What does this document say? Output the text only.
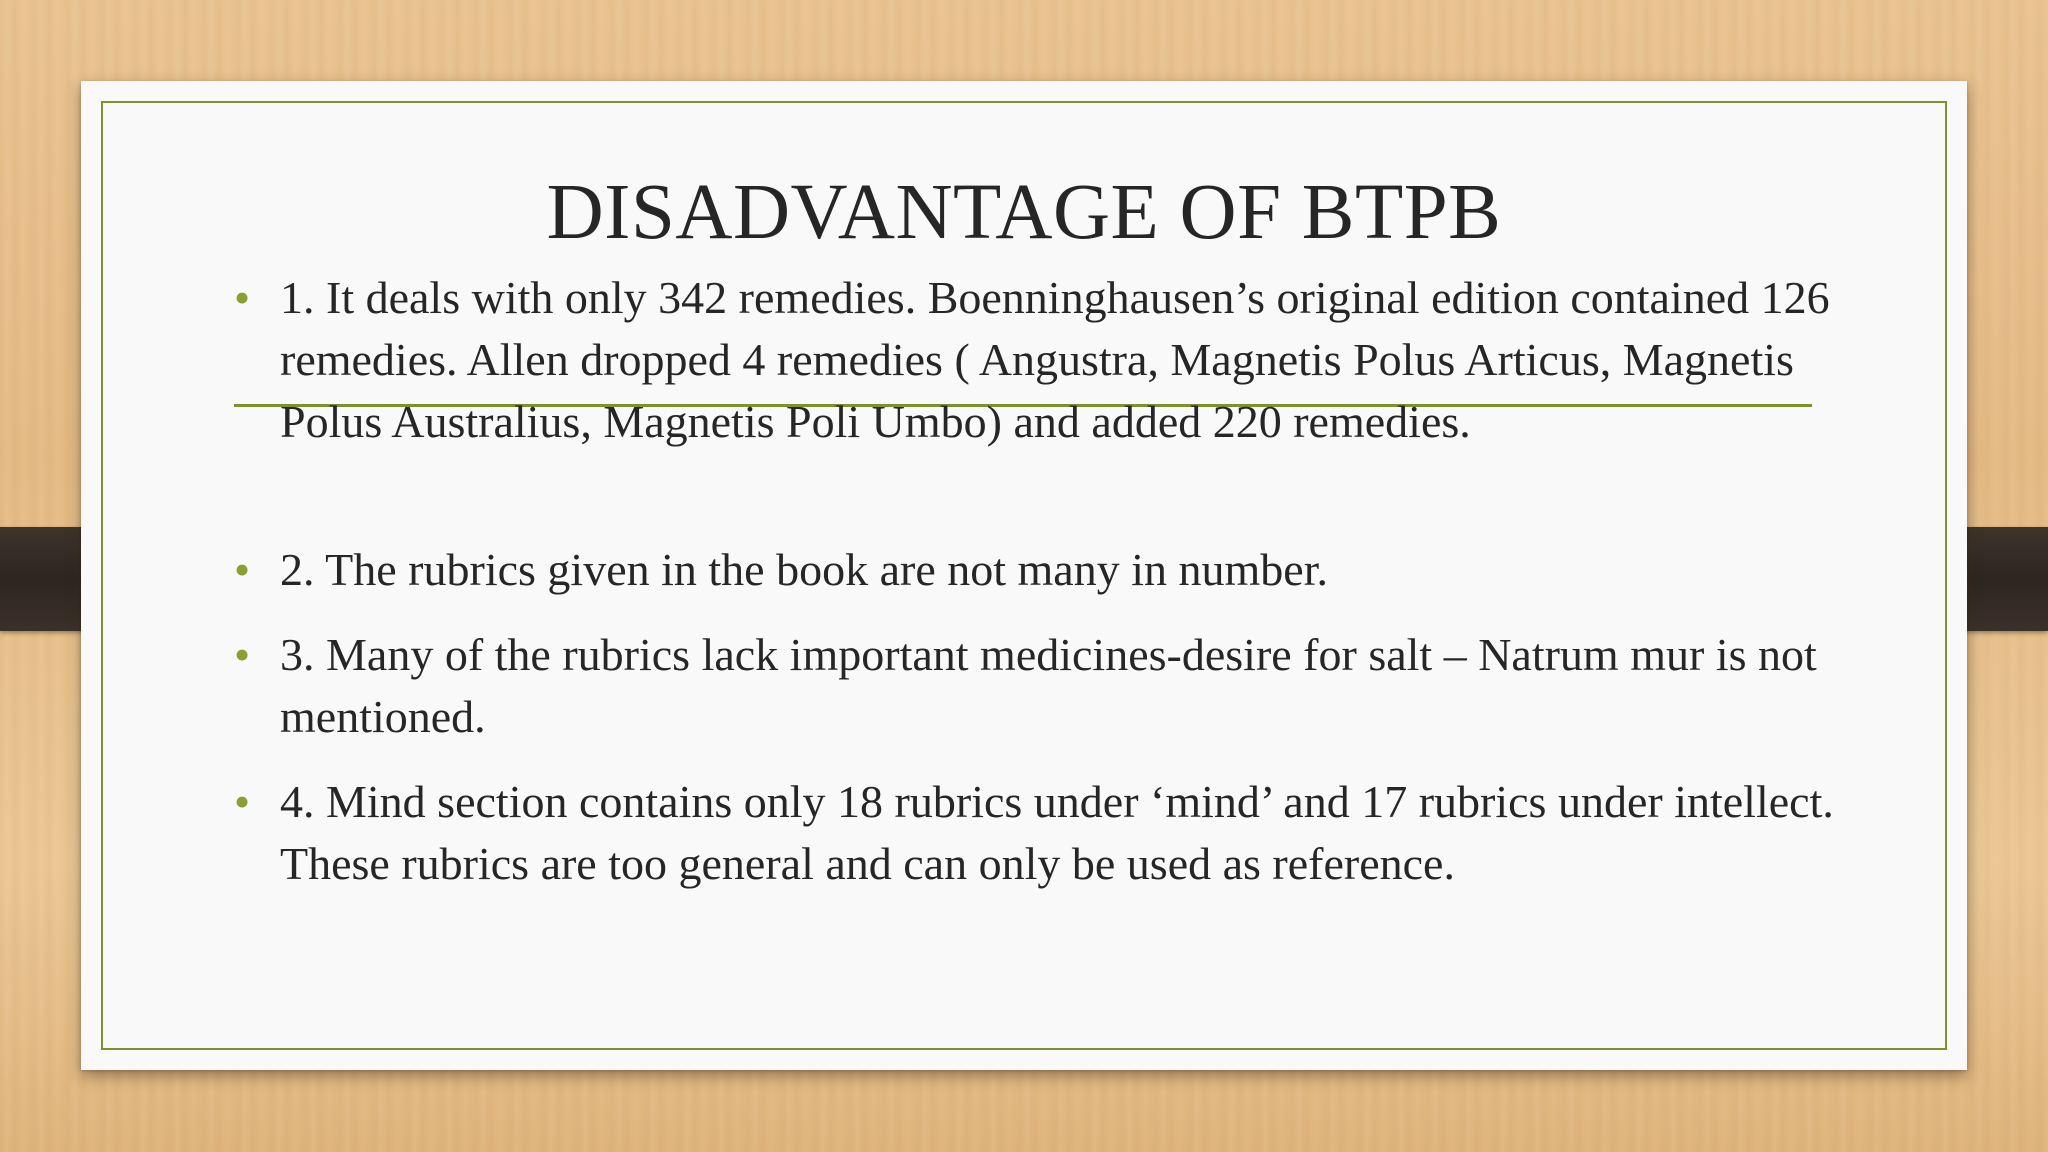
DISADVANTAGE OF BTPB
• 1. It deals with only 342 remedies. Boenninghausen’s original edition contained 126 remedies. Allen dropped 4 remedies ( Angustra, Magnetis Polus Articus, Magnetis Polus Australius, Magnetis Poli Umbo) and added 220 remedies.
• 2. The rubrics given in the book are not many in number.
• 3. Many of the rubrics lack important medicines-desire for salt – Natrum mur is not mentioned.
• 4. Mind section contains only 18 rubrics under ‘mind’ and 17 rubrics under intellect. These rubrics are too general and can only be used as reference.
